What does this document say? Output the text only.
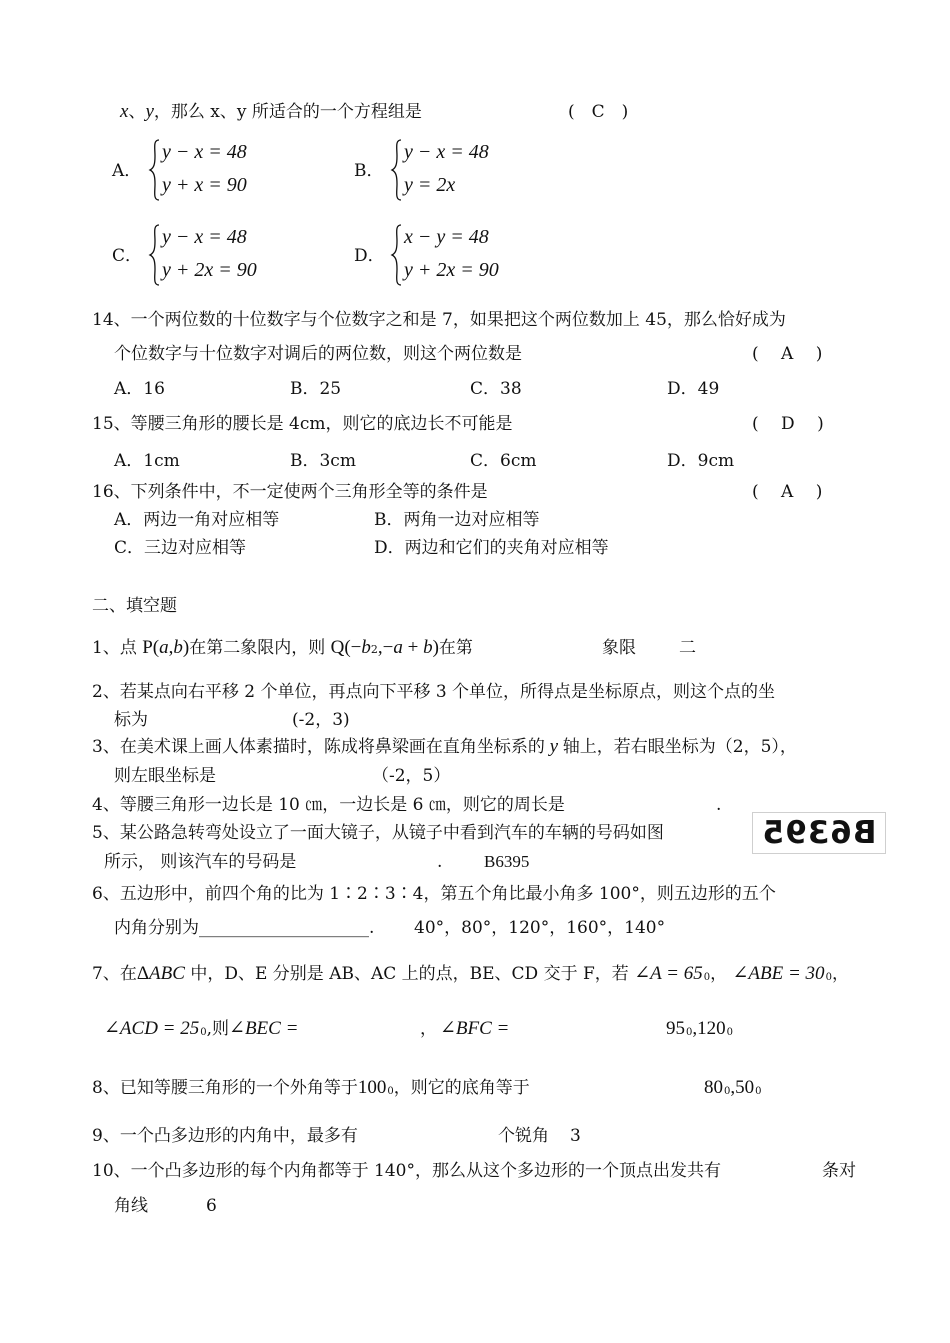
x、y，那么 x、y 所适合的一个方程组是	(　C　)
A．
y − x = 48
y + x = 90
B．
y − x = 48
y = 2x
C．
y − x = 48
y + 2x = 90
D．
x − y = 48
y + 2x = 90
14、一个两位数的十位数字与个位数字之和是 7，如果把这个两位数加上 45，那么恰好成为
个位数字与十位数字对调后的两位数，则这个两位数是	(　 A　 )
A．16	B．25	C．38	D．49
15、等腰三角形的腰长是 4cm，则它的底边长不可能是	(　 D　 )
A．1cm	B．3cm	C．6cm	D．9cm
16、下列条件中，不一定使两个三角形全等的条件是	(　 A　 )
A．两边一角对应相等	B．两角一边对应相等
C．三边对应相等	D．两边和它们的夹角对应相等
二、填空题
1、点 P(a,b)在第二象限内，则 Q(−b2,−a + b)在第	象限	二
2、若某点向右平移 2 个单位，再点向下平移 3 个单位，所得点是坐标原点，则这个点的坐
标为	(-2，3)
3、在美术课上画人体素描时，陈成将鼻梁画在直角坐标系的 y 轴上，若右眼坐标为（2，5），
则左眼坐标是	（-2，5）
4、等腰三角形一边长是 10 ㎝，一边长是 6 ㎝，则它的周长是	.
5、某公路急转弯处设立了一面大镜子，从镜子中看到汽车的车辆的号码如图
所示， 则该汽车的号码是	. B6395
B6395
6、五边形中，前四个角的比为 1∶2∶3∶4，第五个角比最小角多 100°，则五边形的五个
内角分别为____________________. 40°，80°，120°，160°，140°
7、在ΔABC 中，D、E 分别是 AB、AC 上的点，BE、CD 交于 F，若 ∠A = 650， ∠ABE = 300，
∠ACD = 250,则∠BEC =	， ∠BFC =	950,1200
8、已知等腰三角形的一个外角等于1000，则它的底角等于	800,500
9、一个凸多边形的内角中，最多有	个锐角 3
10、一个凸多边形的每个内角都等于 140°，那么从这个多边形的一个顶点出发共有	条对
角线	6
